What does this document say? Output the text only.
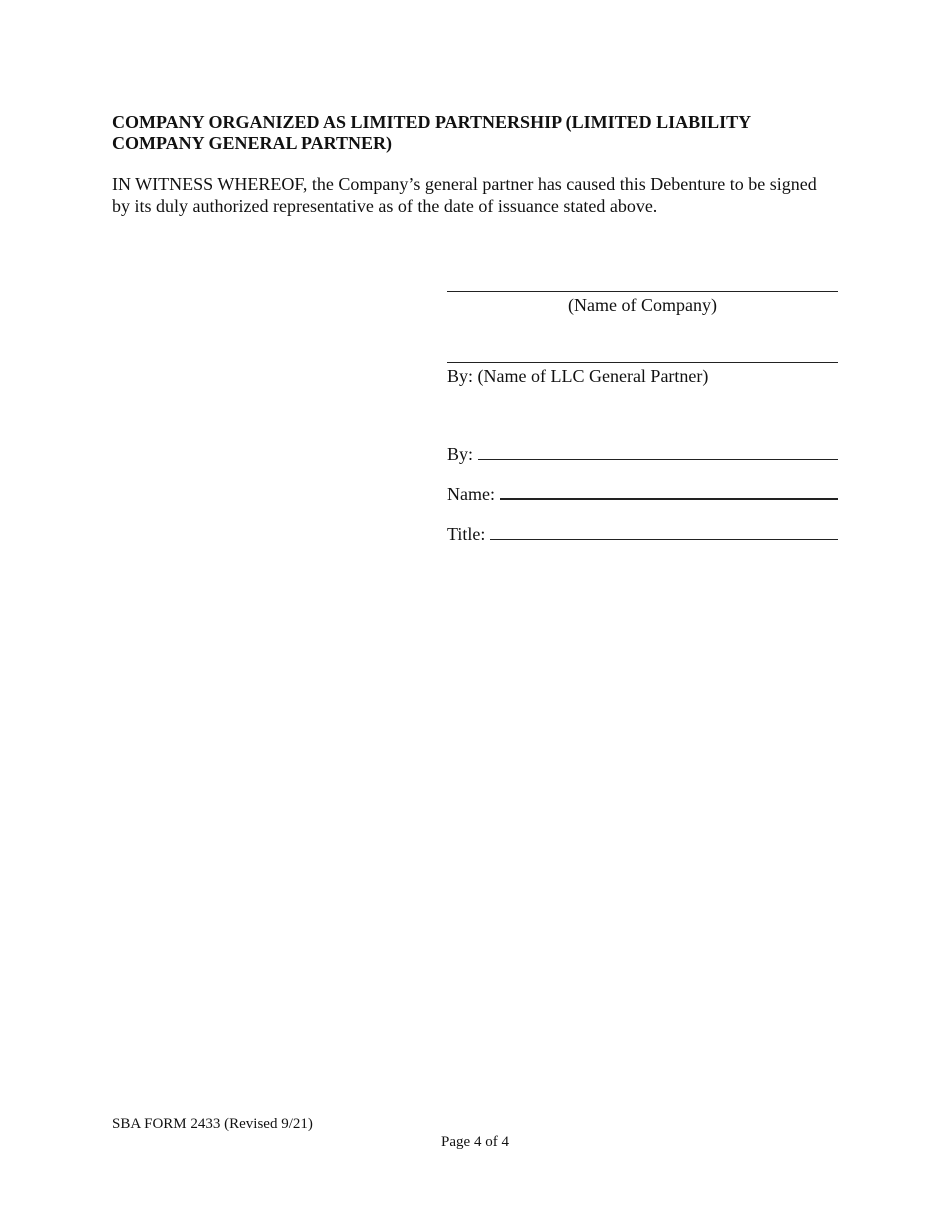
COMPANY ORGANIZED AS LIMITED PARTNERSHIP (LIMITED LIABILITY COMPANY GENERAL PARTNER)

IN WITNESS WHEREOF, the Company’s general partner has caused this Debenture to be signed by its duly authorized representative as of the date of issuance stated above.

(Name of Company)
By: (Name of LLC General Partner)
By:
Name:
Title:
SBA FORM 2433 (Revised 9/21)
Page 4 of 4
